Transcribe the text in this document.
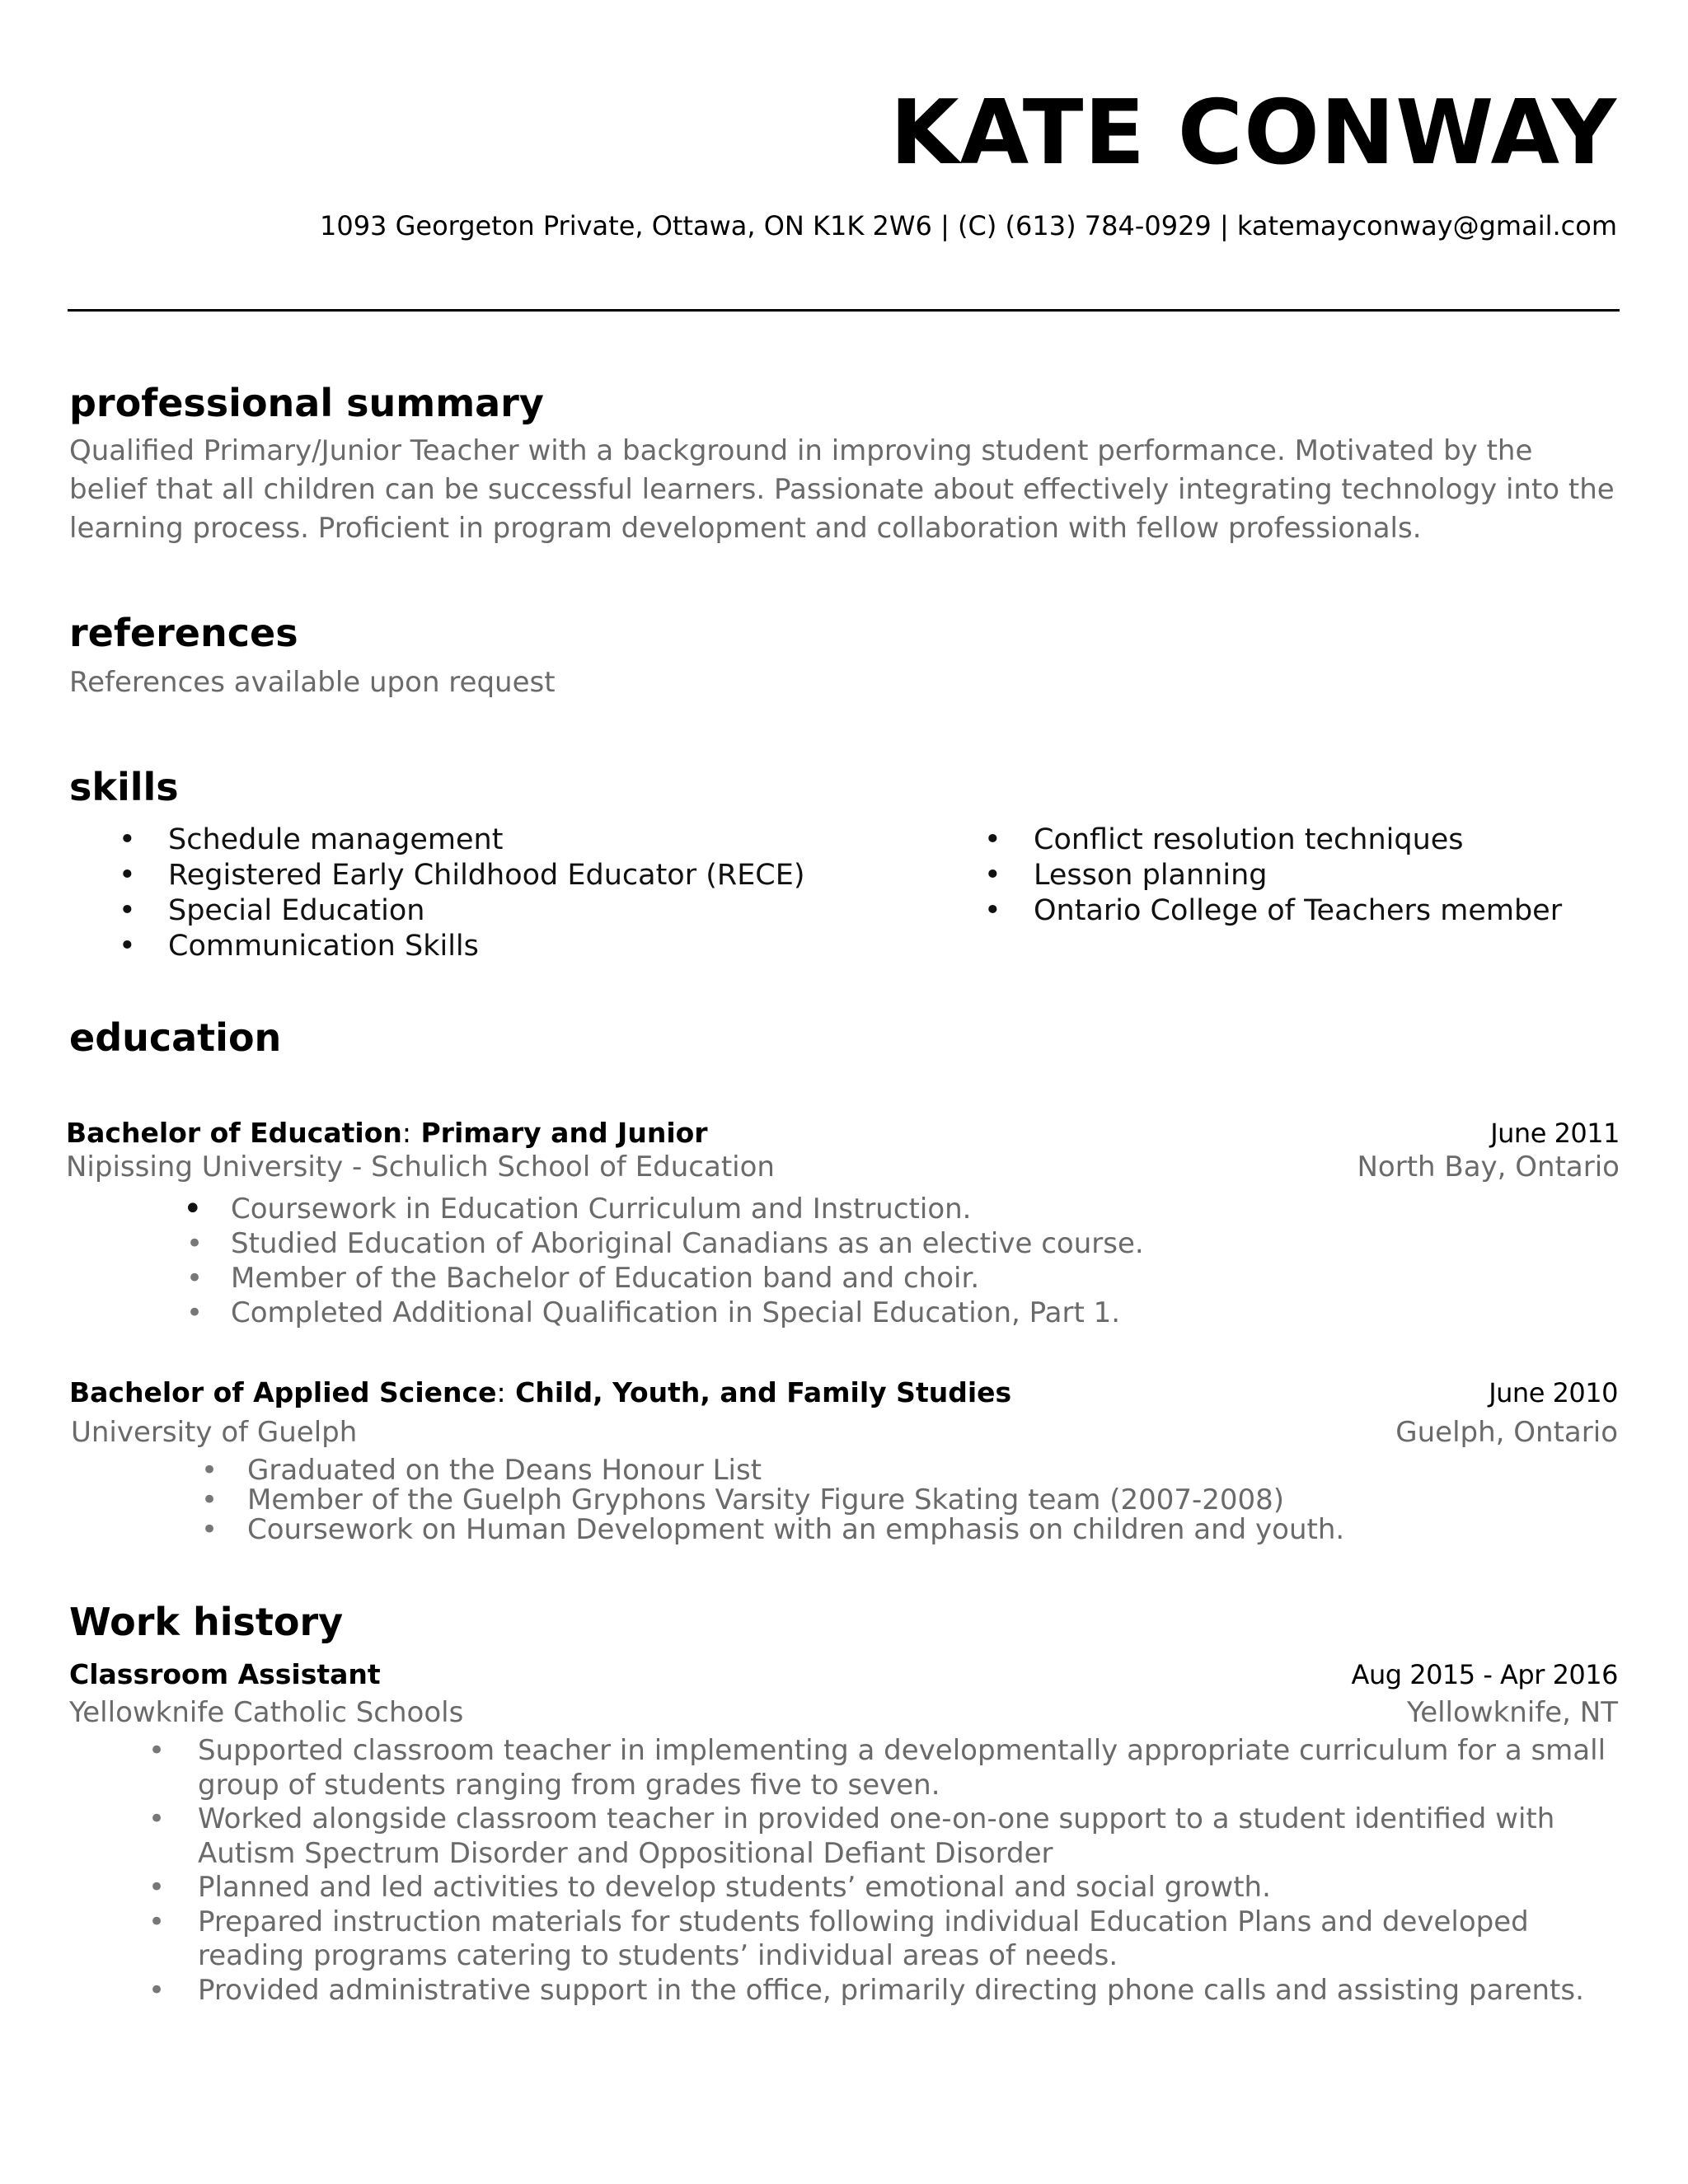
KATE CONWAY
1093 Georgeton Private, Ottawa, ON K1K 2W6 | (C) (613) 784-0929 | katemayconway@gmail.com
professional summary

Qualified Primary/Junior Teacher with a background in improving student performance. Motivated by the belief that all children can be successful learners. Passionate about effectively integrating technology into the learning process. Proficient in program development and collaboration with fellow professionals.

references

References available upon request

skills
• Schedule management
• Registered Early Childhood Educator (RECE)
• Special Education
• Communication Skills
• Conflict resolution techniques
• Lesson planning
• Ontario College of Teachers member
education
Bachelor of Education: Primary and Junior	June 2011
Nipissing University - Schulich School of Education	North Bay, Ontario
• Coursework in Education Curriculum and Instruction.
• Studied Education of Aboriginal Canadians as an elective course.
• Member of the Bachelor of Education band and choir.
• Completed Additional Qualification in Special Education, Part 1.
Bachelor of Applied Science: Child, Youth, and Family Studies	June 2010
University of Guelph	Guelph, Ontario
• Graduated on the Deans Honour List
• Member of the Guelph Gryphons Varsity Figure Skating team (2007-2008)
• Coursework on Human Development with an emphasis on children and youth.
Work history
Classroom Assistant	Aug 2015 - Apr 2016
Yellowknife Catholic Schools	Yellowknife, NT
• Supported classroom teacher in implementing a developmentally appropriate curriculum for a small group of students ranging from grades five to seven.
• Worked alongside classroom teacher in provided one-on-one support to a student identified with Autism Spectrum Disorder and Oppositional Defiant Disorder
• Planned and led activities to develop students’ emotional and social growth.
• Prepared instruction materials for students following individual Education Plans and developed reading programs catering to students’ individual areas of needs.
• Provided administrative support in the office, primarily directing phone calls and assisting parents.
